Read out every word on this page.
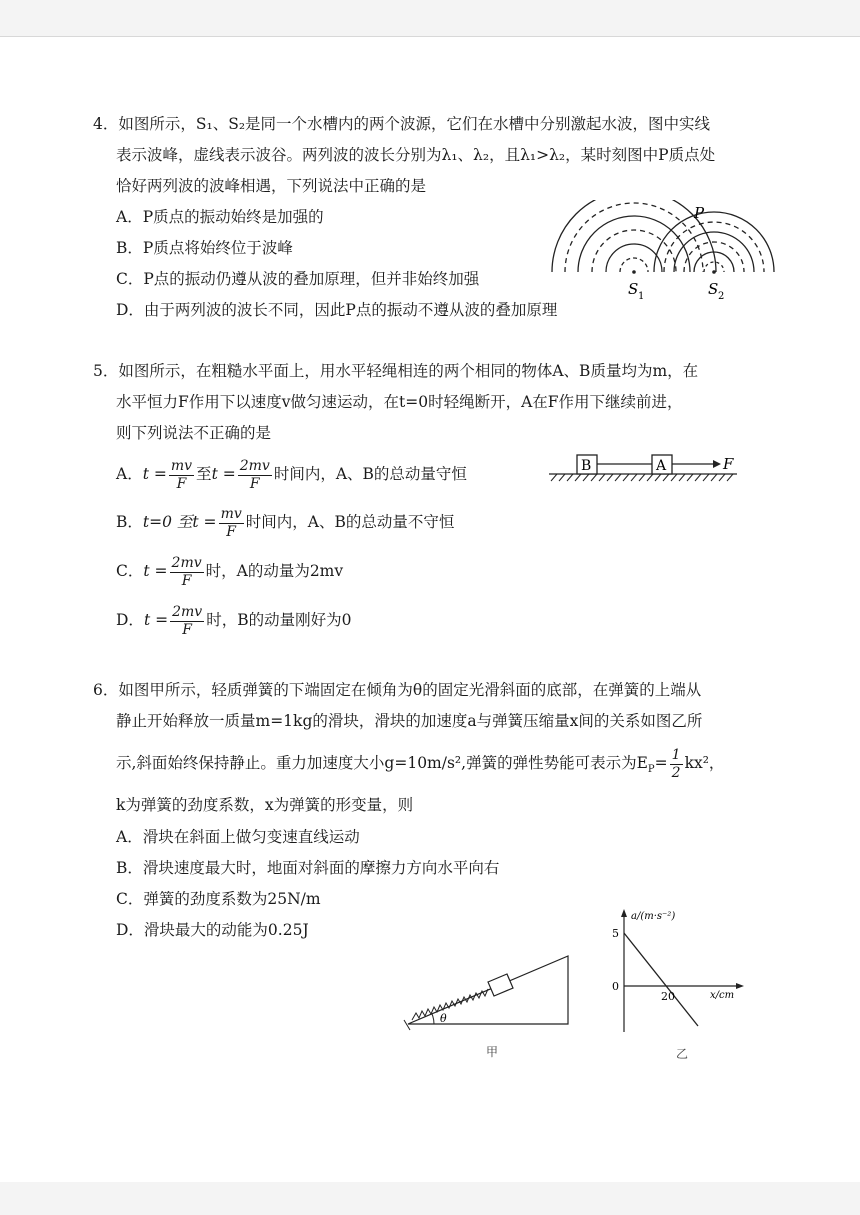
4．如图所示，S₁、S₂是同一个水槽内的两个波源，它们在水槽中分别激起水波，图中实线
表示波峰，虚线表示波谷。两列波的波长分别为λ₁、λ₂，且λ₁>λ₂，某时刻图中P质点处
恰好两列波的波峰相遇，下列说法中正确的是
A．P质点的振动始终是加强的
B．P质点将始终位于波峰
C．P点的振动仍遵从波的叠加原理，但并非始终加强
D．由于两列波的波长不同，因此P点的振动不遵从波的叠加原理
P
S 1	S 2
5．如图所示，在粗糙水平面上，用水平轻绳相连的两个相同的物体A、B质量均为m，在
水平恒力F作用下以速度v做匀速运动，在t=0时轻绳断开，A在F作用下继续前进，
则下列说法不正确的是
A．$t = \frac{mv}{F}$ 至$t = \frac{2mv}{F}$ 时间内，A、B的总动量守恒
B．t=0 至$t = \frac{mv}{F}$ 时间内，A、B的总动量不守恒
C．$t = \frac{2mv}{F}$ 时，A的动量为2mv
D．$t = \frac{2mv}{F}$ 时，B的动量刚好为0
B	A	F
6．如图甲所示，轻质弹簧的下端固定在倾角为θ的固定光滑斜面的底部，在弹簧的上端从
静止开始释放一质量m=1kg的滑块，滑块的加速度a与弹簧压缩量x间的关系如图乙所
示,斜面始终保持静止。重力加速度大小g=10m/s²,弹簧的弹性势能可表示为$E_P= \frac{1}{2} kx^2$，
k为弹簧的劲度系数，x为弹簧的形变量，则
A．滑块在斜面上做匀变速直线运动
B．滑块速度最大时，地面对斜面的摩擦力方向水平向右
C．弹簧的劲度系数为25N/m
D．滑块最大的动能为0.25J
θ
甲
a/(m·s⁻²)
5
0
20	x/cm
乙
